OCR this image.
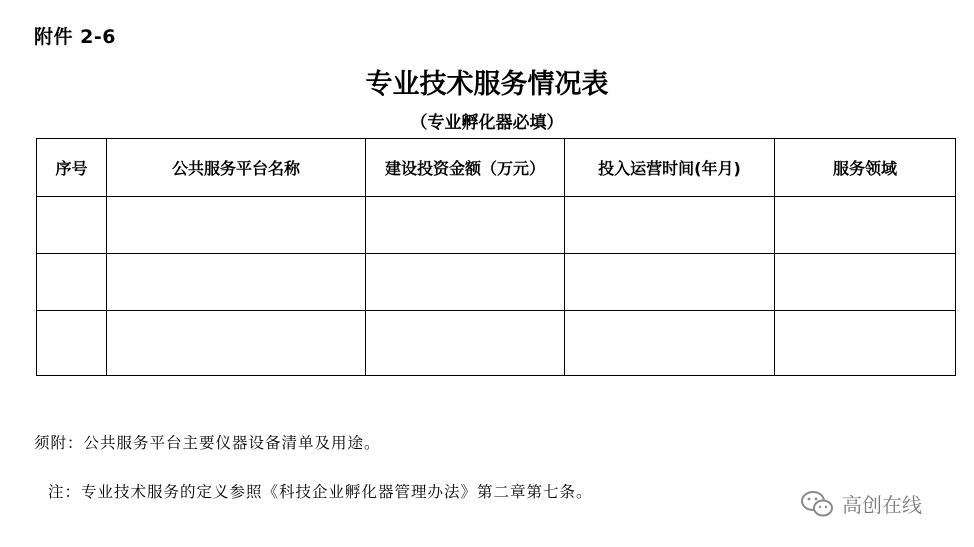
附件 2-6
专业技术服务情况表
（专业孵化器必填）
序号	公共服务平台名称	建设投资金额（万元）	投入运营时间(年月)	服务领域

须附：公共服务平台主要仪器设备清单及用途。
注：专业技术服务的定义参照《科技企业孵化器管理办法》第二章第七条。
高创在线
